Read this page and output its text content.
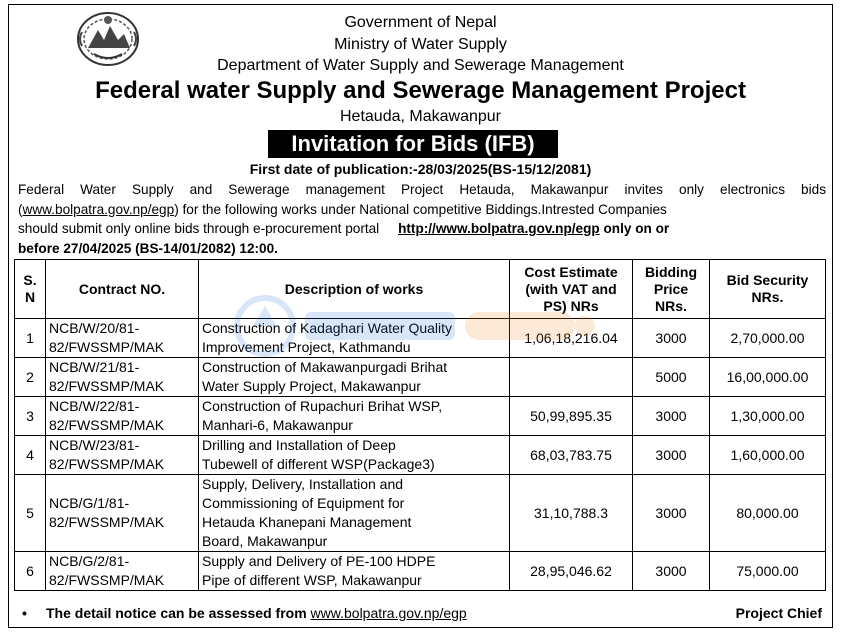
Government of Nepal
Ministry of Water Supply
Department of Water Supply and Sewerage Management
Federal water Supply and Sewerage Management Project
Hetauda, Makawanpur
Invitation for Bids (IFB)
First date of publication:-28/03/2025(BS-15/12/2081)
Federal Water Supply and Sewerage management Project Hetauda, Makawanpur invites only electronics bids
(www.bolpatra.gov.np/egp) for the following works under National competitive Biddings.Intrested Companies
should submit only online bids through e-procurement portal http://www.bolpatra.gov.np/egp only on or
before 27/04/2025 (BS-14/01/2082) 12:00.
S. N	Contract NO.	Description of works	Cost Estimate (with VAT and PS) NRs	Bidding Price NRs.	Bid Security NRs.
1	NCB/W/20/81-
82/FWSSMP/MAK	Construction of Kadaghari Water Quality
Improvement Project, Kathmandu	1,06,18,216.04	3000	2,70,000.00
2	NCB/W/21/81-
82/FWSSMP/MAK	Construction of Makawanpurgadi Brihat
Water Supply Project, Makawanpur		5000	16,00,000.00
3	NCB/W/22/81-
82/FWSSMP/MAK	Construction of Rupachuri Brihat WSP,
Manhari-6, Makawanpur	50,99,895.35	3000	1,30,000.00
4	NCB/W/23/81-
82/FWSSMP/MAK	Drilling and Installation of Deep
Tubewell of different WSP(Package3)	68,03,783.75	3000	1,60,000.00
5	NCB/G/1/81-
82/FWSSMP/MAK	Supply, Delivery, Installation and
Commissioning of Equipment for
Hetauda Khanepani Management
Board, Makawanpur	31,10,788.3	3000	80,000.00
6	NCB/G/2/81-
82/FWSSMP/MAK	Supply and Delivery of PE-100 HDPE
Pipe of different WSP, Makawanpur	28,95,046.62	3000	75,000.00
• The detail notice can be assessed from www.bolpatra.gov.np/egp	Project Chief
